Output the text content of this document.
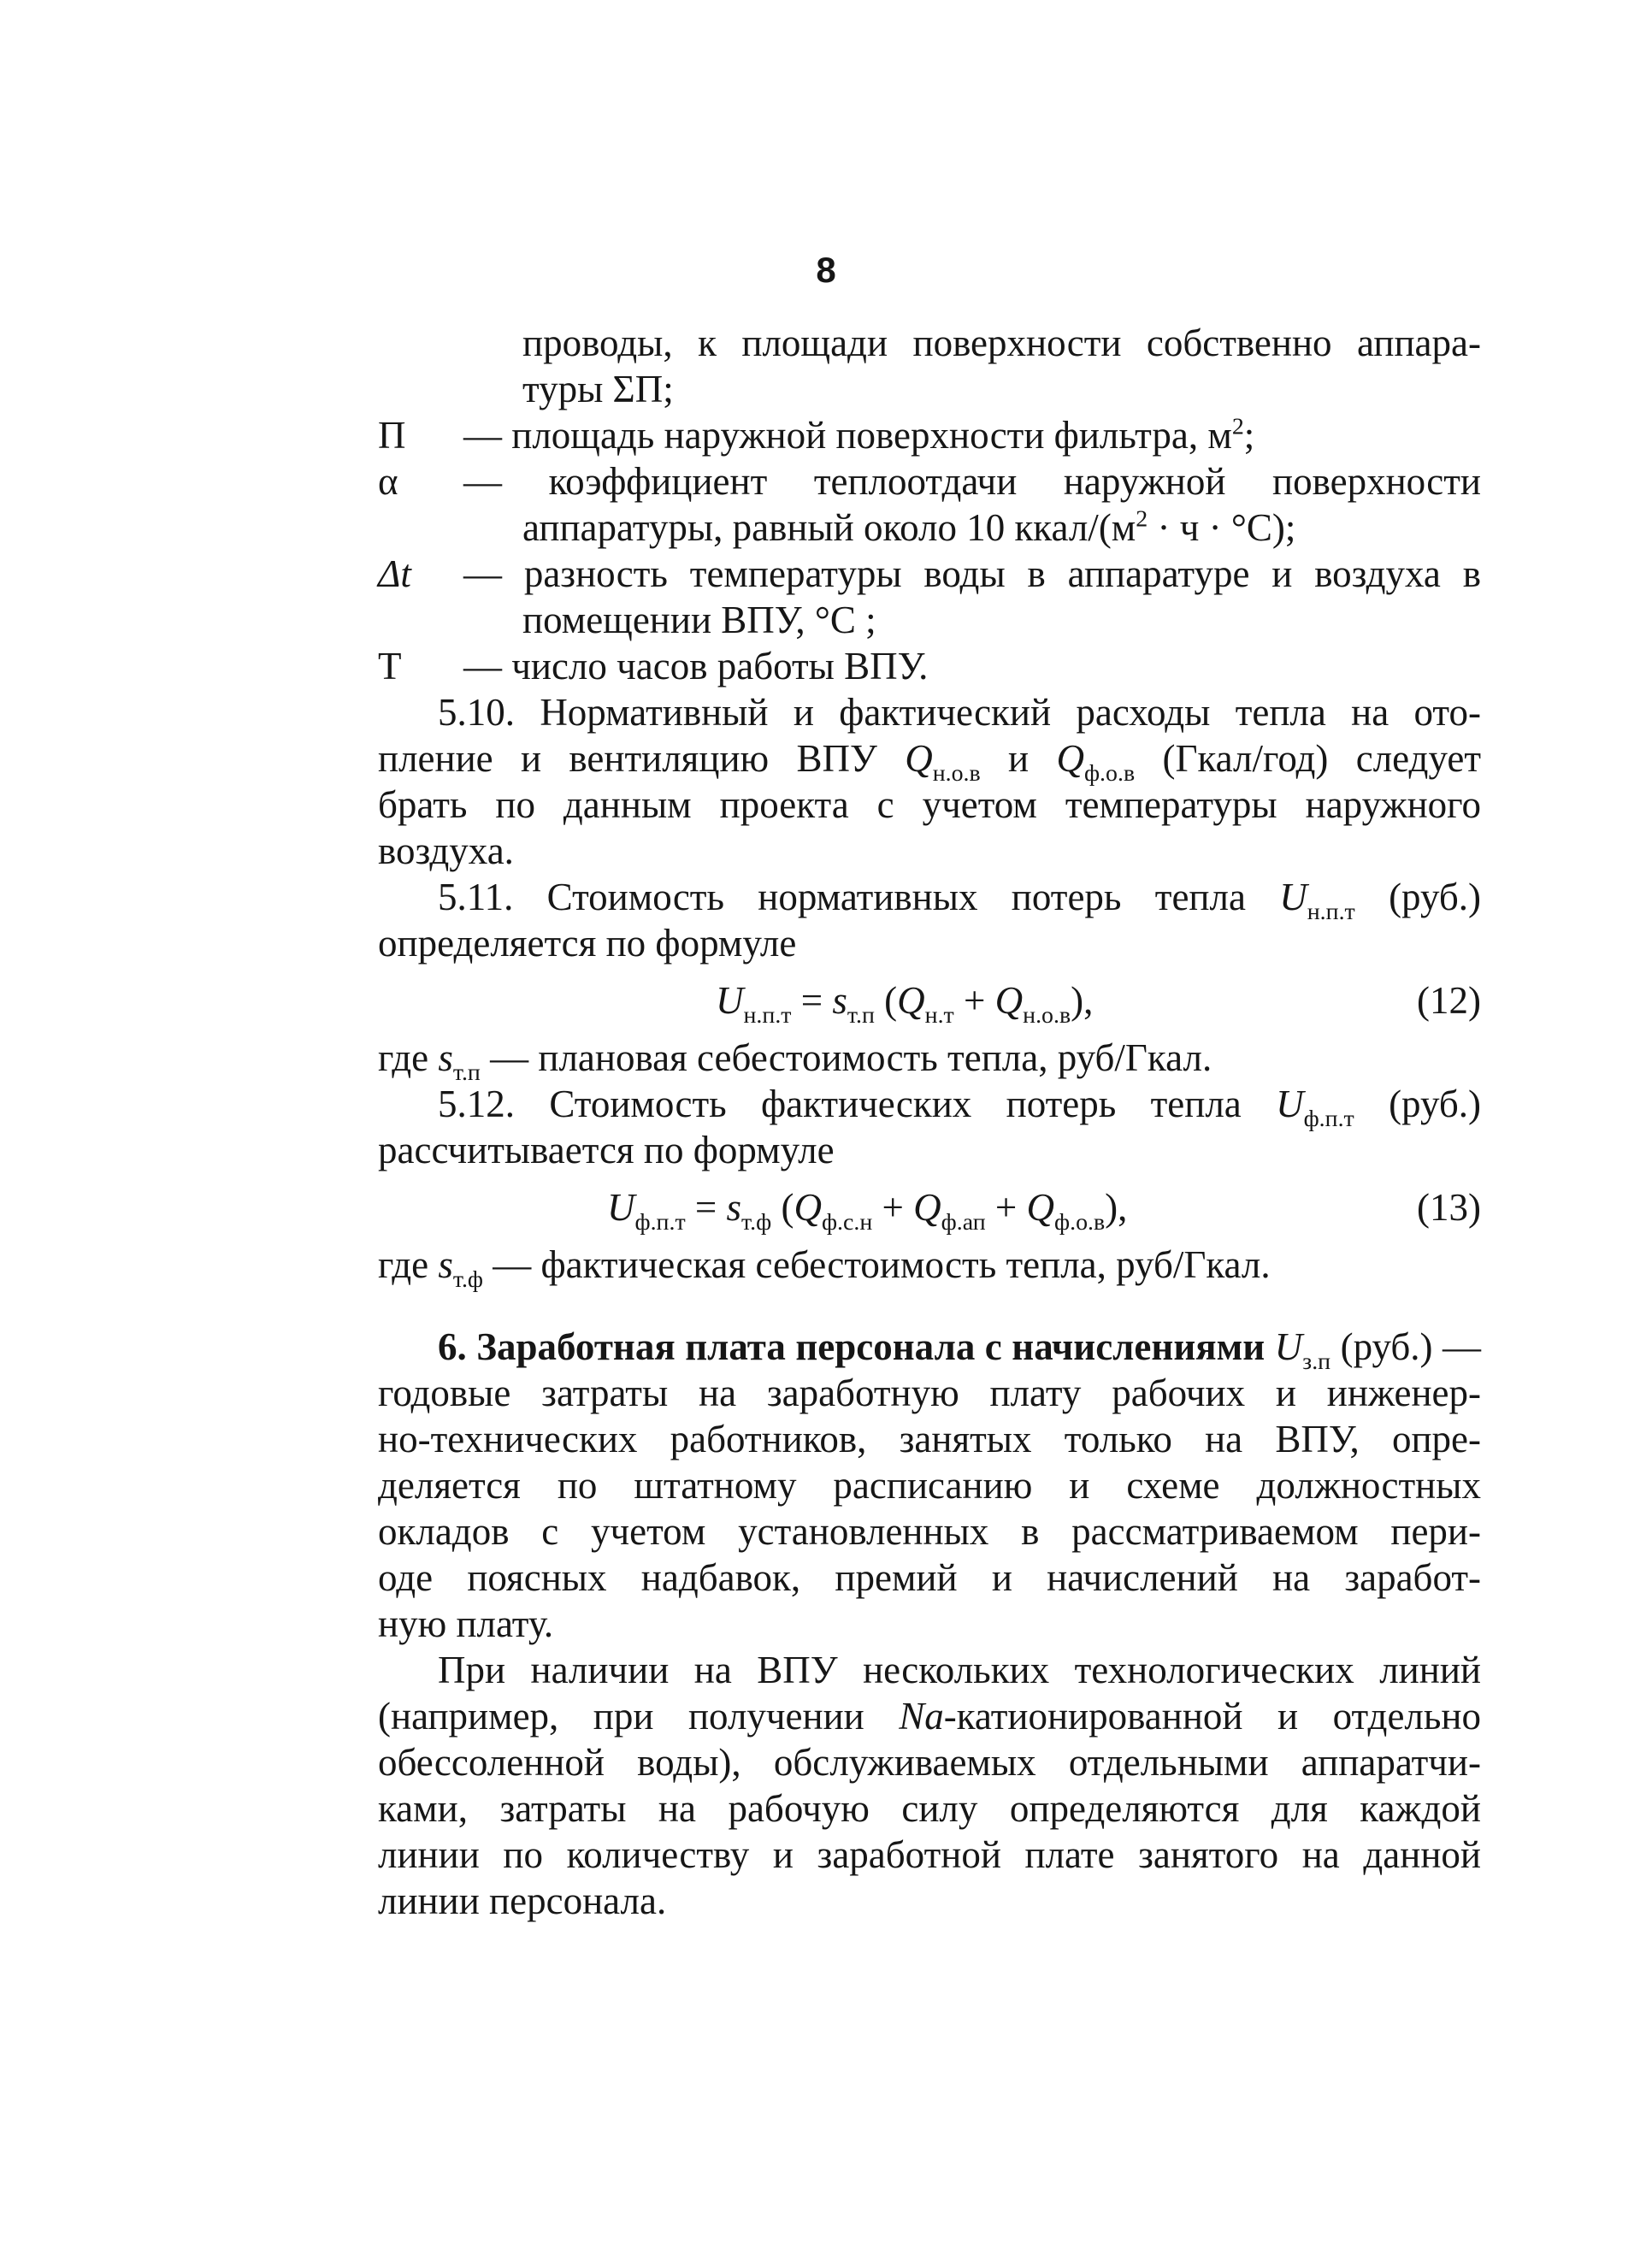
8
проводы, к площади поверхности собственно аппара-
туры ΣП;
П	— площадь наружной поверхности фильтра, $м^2$;
α	— коэффициент теплоотдачи наружной поверхности
аппаратуры, равный около 10 ккал/$(м^2 \cdot ч \cdot ^\circ С)$;
Δt	— разность температуры воды в аппаратуре и воздуха в
помещении ВПУ, °С ;
Т	— число часов работы ВПУ.
5.10. Нормативный и фактический расходы тепла на ото-
пление и вентиляцию ВПУ $Q_{н.о.в}$ и $Q_{ф.о.в}$ (Гкал/год) следует
брать по данным проекта с учетом температуры наружного
воздуха.
5.11. Стоимость нормативных потерь тепла $U_{н.п.т}$ (руб.)
определяется по формуле
$U_{н.п.т} = s_{т.п}$ $(Q_{н.т} + Q_{н.о.в})$,	(12)
где $s_{т.п}$ — плановая себестоимость тепла, руб/Гкал.
5.12. Стоимость фактических потерь тепла $U_{ф.п.т}$ (руб.)
рассчитывается по формуле
$U_{ф.п.т} = s_{т.ф}$ $(Q_{ф.с.н} + Q_{ф.ап} + Q_{ф.о.в})$,	(13)
где $s_{т.ф}$ — фактическая себестоимость тепла, руб/Гкал.
6. Заработная плата персонала с начислениями $U_{з.п}$ (руб.) —
годовые затраты на заработную плату рабочих и инженер-
но-технических работников, занятых только на ВПУ, опре-
деляется по штатному расписанию и схеме должностных
окладов с учетом установленных в рассматриваемом пери-
оде поясных надбавок, премий и начислений на заработ-
ную плату.
При наличии на ВПУ нескольких технологических линий
(например, при получении Na-катионированной и отдельно
обессоленной воды), обслуживаемых отдельными аппаратчи-
ками, затраты на рабочую силу определяются для каждой
линии по количеству и заработной плате занятого на данной
линии персонала.
